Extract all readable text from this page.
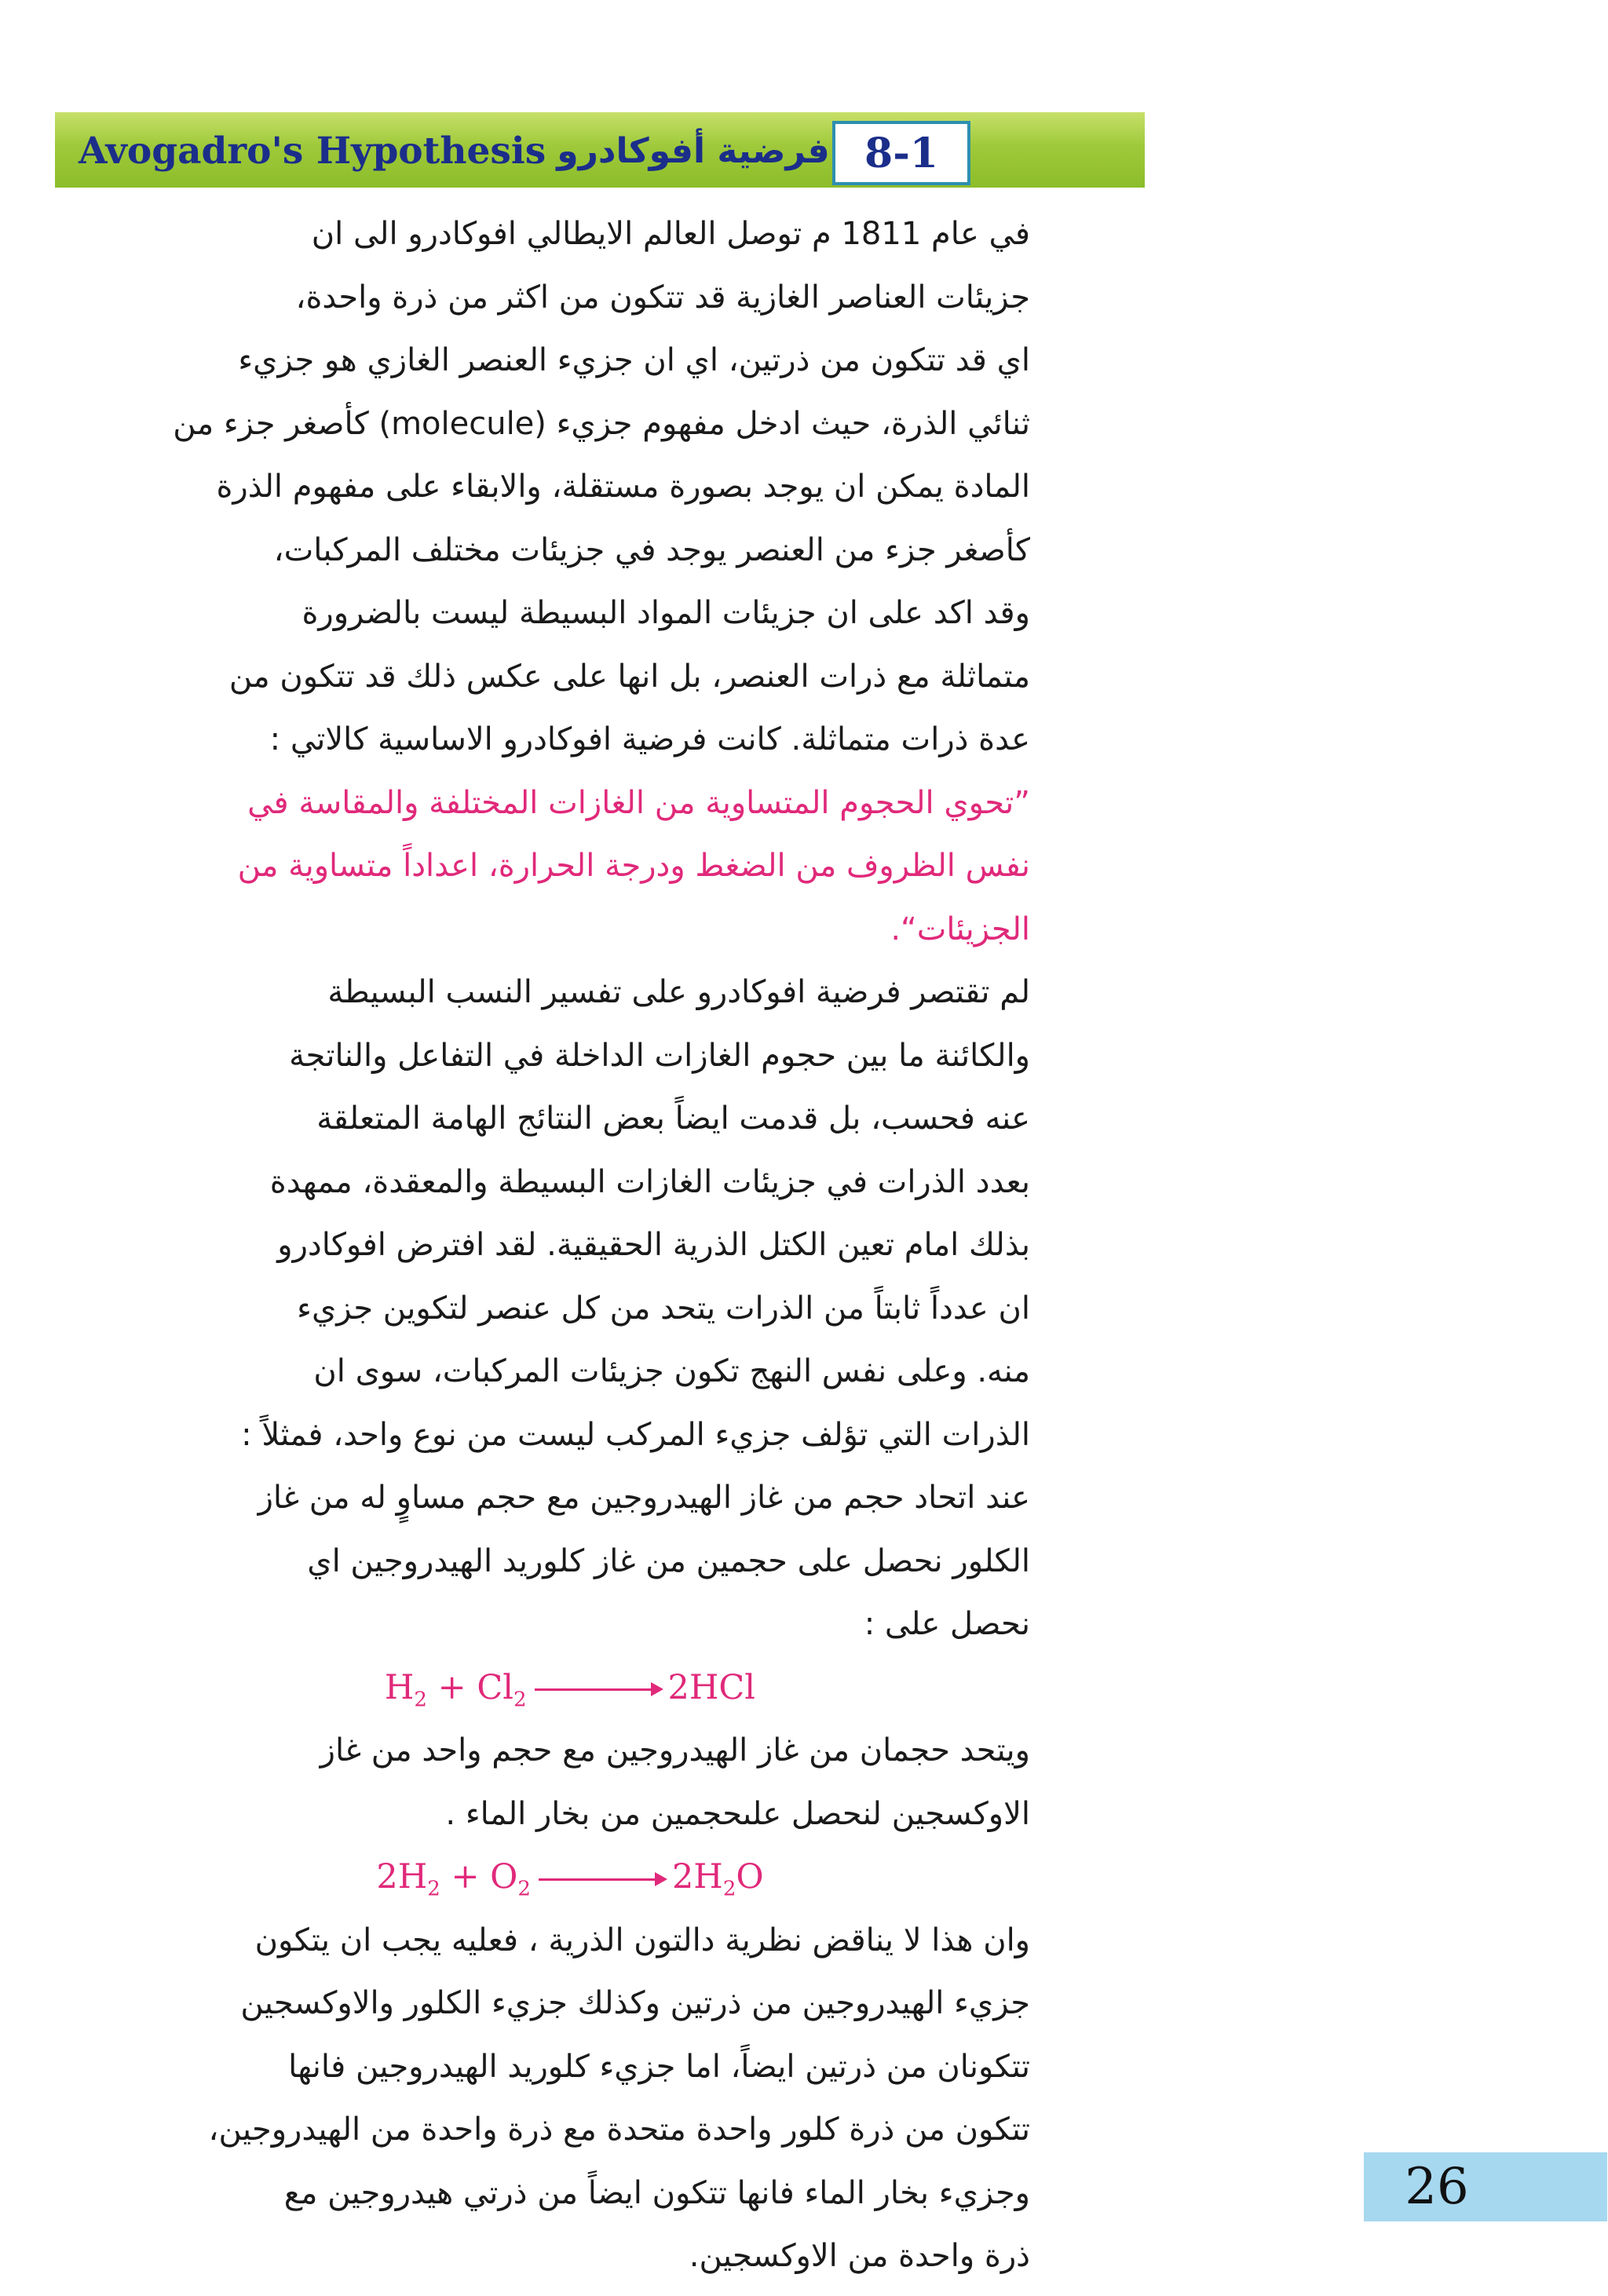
Avogadro's Hypothesis فرضية أفوكادرو 8-1
في عام 1811 م توصل العالم الايطالي افوكادرو الى ان
جزيئات العناصر الغازية قد تتكون من اكثر من ذرة واحدة،
اي قد تتكون من ذرتين، اي ان جزيء العنصر الغازي هو جزيء
ثنائي الذرة، حيث ادخل مفهوم جزيء (molecule) كأصغر جزء من
المادة يمكن ان يوجد بصورة مستقلة، والابقاء على مفهوم الذرة
كأصغر جزء من العنصر يوجد في جزيئات مختلف المركبات،
وقد اكد على ان جزيئات المواد البسيطة ليست بالضرورة
متماثلة مع ذرات العنصر، بل انها على عكس ذلك قد تتكون من
عدة ذرات متماثلة. كانت فرضية افوكادرو الاساسية كالاتي :
”تحوي الحجوم المتساوية من الغازات المختلفة والمقاسة في
نفس الظروف من الضغط ودرجة الحرارة، اعداداً متساوية من
الجزيئات“.
لم تقتصر فرضية افوكادرو على تفسير النسب البسيطة
والكائنة ما بين حجوم الغازات الداخلة في التفاعل والناتجة
عنه فحسب، بل قدمت ايضاً بعض النتائج الهامة المتعلقة
بعدد الذرات في جزيئات الغازات البسيطة والمعقدة، ممهدة
بذلك امام تعين الكتل الذرية الحقيقية. لقد افترض افوكادرو
ان عدداً ثابتاً من الذرات يتحد من كل عنصر لتكوين جزيء
منه. وعلى نفس النهج تكون جزيئات المركبات، سوى ان
الذرات التي تؤلف جزيء المركب ليست من نوع واحد، فمثلاً :
عند اتحاد حجم من غاز الهيدروجين مع حجم مساوٍ له من غاز
الكلور نحصل على حجمين من غاز كلوريد الهيدروجين اي
نحصل على :
$H_2 + Cl_2 \to 2HCl$
ويتحد حجمان من غاز الهيدروجين مع حجم واحد من غاز
الاوكسجين لنحصل علىحجمين من بخار الماء .
$2H_2 + O_2 \to 2H_2O$
وان هذا لا يناقض نظرية دالتون الذرية ، فعليه يجب ان يتكون
جزيء الهيدروجين من ذرتين وكذلك جزيء الكلور والاوكسجين
تتكونان من ذرتين ايضاً، اما جزيء كلوريد الهيدروجين فانها
تتكون من ذرة كلور واحدة متحدة مع ذرة واحدة من الهيدروجين،
وجزيء بخار الماء فانها تتكون ايضاً من ذرتي هيدروجين مع
ذرة واحدة من الاوكسجين.
26
